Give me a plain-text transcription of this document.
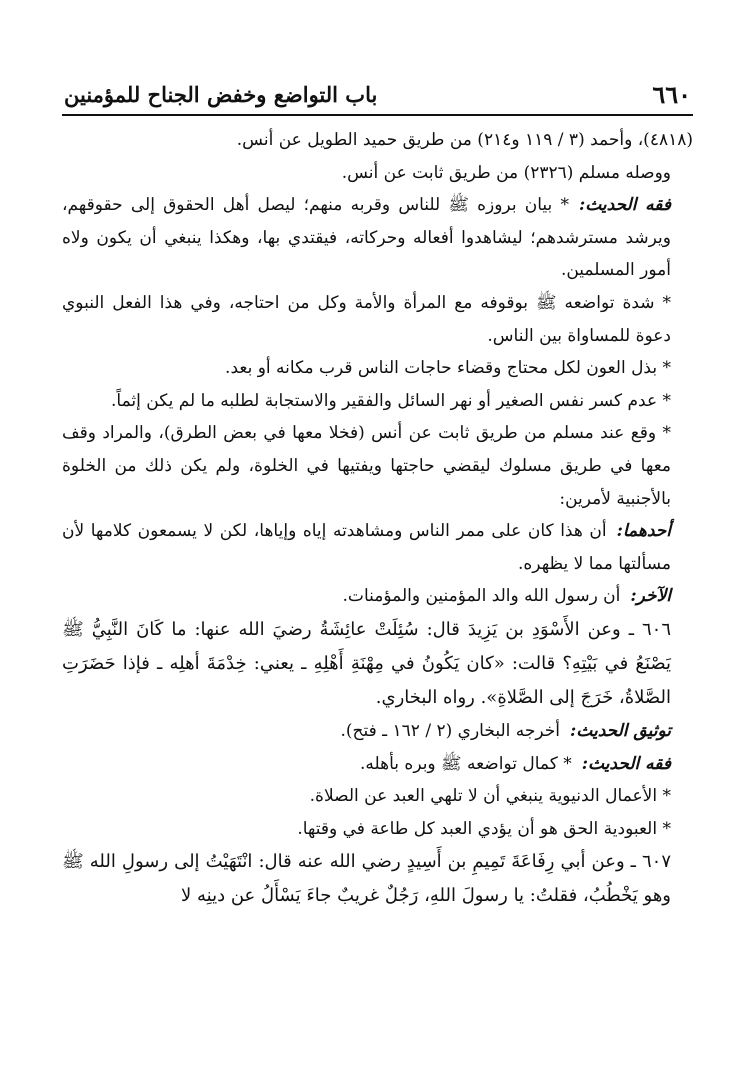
٦٦٠
باب التواضع وخفض الجناح للمؤمنين

(٤٨١٨)، وأحمد (٣ / ١١٩ و٢١٤) من طريق حميد الطويل عن أنس.

ووصله مسلم (٢٣٢٦) من طريق ثابت عن أنس.

فقه الحديث:* بيان بروزه ﷺ للناس وقربه منهم؛ ليصل أهل الحقوق إلى حقوقهم، ويرشد مسترشدهم؛ ليشاهدوا أفعاله وحركاته، فيقتدي بها، وهكذا ينبغي أن يكون ولاه أمور المسلمين.

* شدة تواضعه ﷺ بوقوفه مع المرأة والأمة وكل من احتاجه، وفي هذا الفعل النبوي دعوة للمساواة بين الناس.

* بذل العون لكل محتاج وقضاء حاجات الناس قرب مكانه أو بعد.

* عدم كسر نفس الصغير أو نهر السائل والفقير والاستجابة لطلبه ما لم يكن إثماً.

* وقع عند مسلم من طريق ثابت عن أنس (فخلا معها في بعض الطرق)، والمراد وقف معها في طريق مسلوك ليقضي حاجتها ويفتيها في الخلوة، ولم يكن ذلك من الخلوة بالأجنبية لأمرين:

أحدهما:أن هذا كان على ممر الناس ومشاهدته إياه وإياها، لكن لا يسمعون كلامها لأن مسألتها مما لا يظهره.

الآخر:أن رسول الله والد المؤمنين والمؤمنات.

٦٠٦ ـ وعن الأَسْوَدِ بن يَزِيدَ قال: سُئِلَتْ عائِشَةُ رضيَ الله عنها: ما كَانَ النَّبِيُّ ﷺ يَصْنَعُ في بَيْتِهِ؟ قالت: «كان يَكُونُ في مِهْنَةِ أَهْلِهِ ـ يعني: خِدْمَةَ أهلِه ـ فإذا حَضَرَتِ الصَّلاةُ، خَرَجَ إلى الصَّلاةِ». رواه البخاري.

توثيق الحديث:أخرجه البخاري (٢ / ١٦٢ ـ فتح).

فقه الحديث:* كمال تواضعه ﷺ وبره بأهله.

* الأعمال الدنيوية ينبغي أن لا تلهي العبد عن الصلاة.

* العبودية الحق هو أن يؤدي العبد كل طاعة في وقتها.

٦٠٧ ـ وعن أبي رِفَاعَةَ تَمِيمِ بن أَسِيدٍ رضي الله عنه قال: انْتَهَيْتُ إلى رسولِ الله ﷺ وهو يَخْطُبُ، فقلتُ: يا رسولَ اللهِ، رَجُلٌ غريبٌ جاءَ يَسْأَلُ عن دينِه لا
